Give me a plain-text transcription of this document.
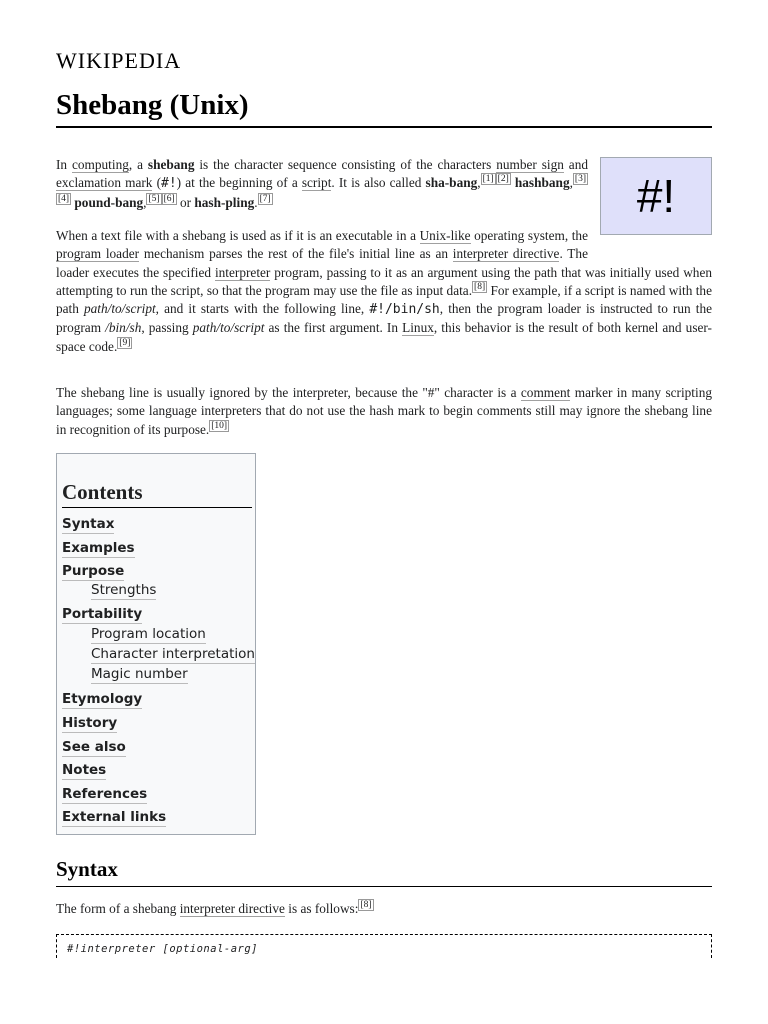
WIKIPEDIA
Shebang (Unix)

In computing, a shebang is the character sequence consisting of the characters number sign and exclamation mark (#!) at the beginning of a script. It is also called sha-bang, [1] [2] hashbang, [3][4] pound-bang, [5] [6] or hash-pling. [7]	#!

When a text file with a shebang is used as if it is an executable in a Unix-like operating system, the program loader mechanism parses the rest of the file's initial line as an interpreter directive. The loader executes the specified interpreter program, passing to it as an argument using the path that was initially used when attempting to run the script, so that the program may use the file as input data. [8] For example, if a script is named with the path path/to/script, and it starts with the following line, #!/bin/sh, then the program loader is instructed to run the program /bin/sh, passing path/to/script as the first argument. In Linux, this behavior is the result of both kernel and user-space code. [9]

The shebang line is usually ignored by the interpreter, because the "#" character is a comment marker in many scripting languages; some language interpreters that do not use the hash mark to begin comments still may ignore the shebang line in recognition of its purpose. [10]

Contents
Syntax
Examples
Purpose
Strengths
Portability
Program location
Character interpretation
Magic number
Etymology
History
See also
Notes
References
External links
Syntax

The form of a shebang interpreter directive is as follows: [8]

#!interpreter [optional-arg]
